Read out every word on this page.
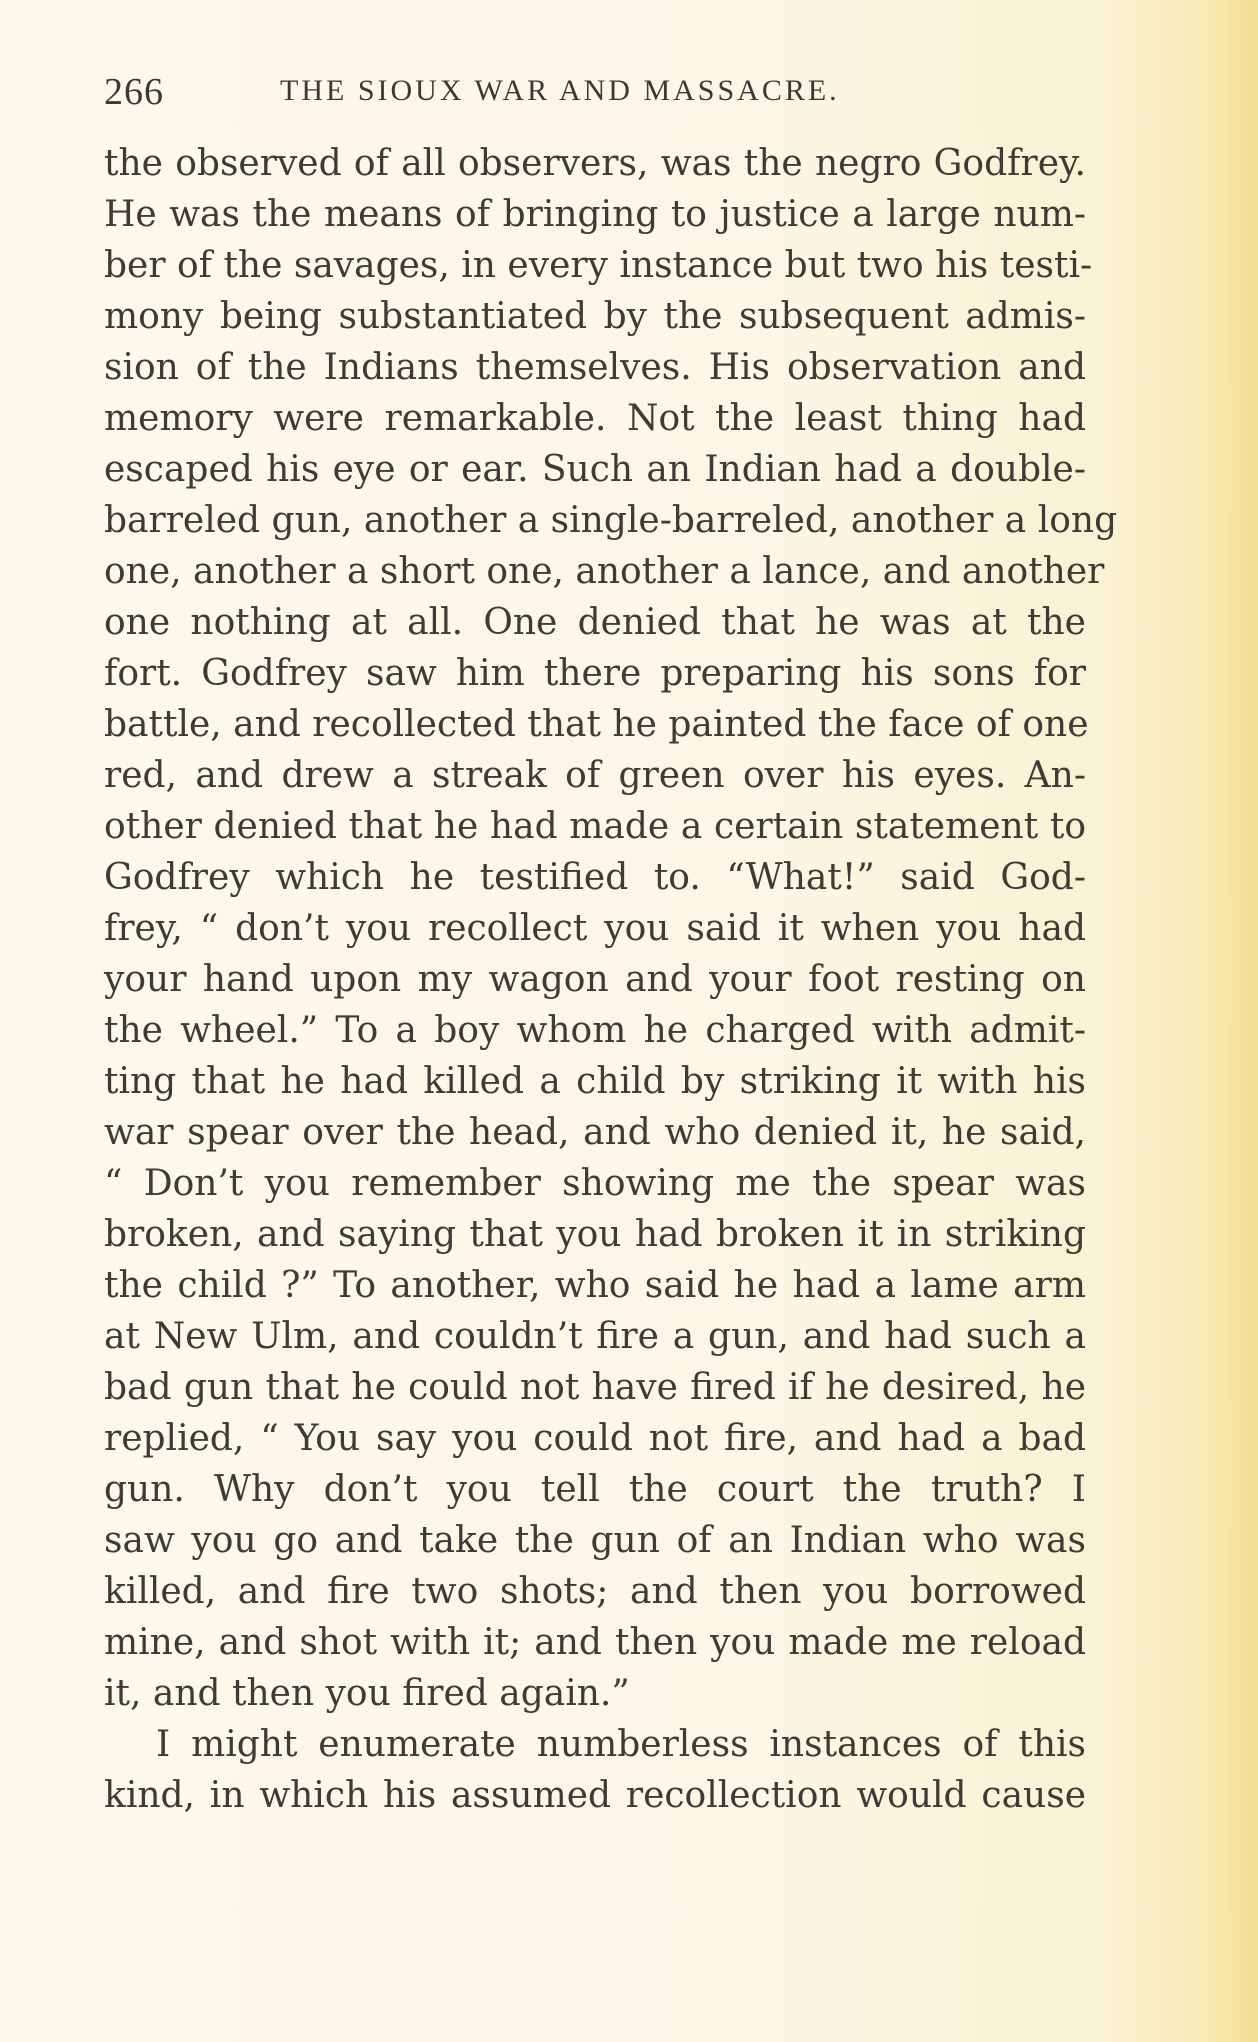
266	THE SIOUX WAR AND MASSACRE.
the observed of all observers, was the negro Godfrey.
He was the means of bringing to justice a large num-
ber of the savages, in every instance but two his testi-
mony being substantiated by the subsequent admis-
sion of the Indians themselves. His observation and
memory were remarkable. Not the least thing had
escaped his eye or ear. Such an Indian had a double-
barreled gun, another a single-barreled, another a long
one, another a short one, another a lance, and another
one nothing at all. One denied that he was at the
fort. Godfrey saw him there preparing his sons for
battle, and recollected that he painted the face of one
red, and drew a streak of green over his eyes. An-
other denied that he had made a certain statement to
Godfrey which he testified to. “What!” said God-
frey, “ don’t you recollect you said it when you had
your hand upon my wagon and your foot resting on
the wheel.” To a boy whom he charged with admit-
ting that he had killed a child by striking it with his
war spear over the head, and who denied it, he said,
“ Don’t you remember showing me the spear was
broken, and saying that you had broken it in striking
the child ?” To another, who said he had a lame arm
at New Ulm, and couldn’t fire a gun, and had such a
bad gun that he could not have fired if he desired, he
replied, “ You say you could not fire, and had a bad
gun. Why don’t you tell the court the truth? I
saw you go and take the gun of an Indian who was
killed, and fire two shots; and then you borrowed
mine, and shot with it; and then you made me reload
it, and then you fired again.”
I might enumerate numberless instances of this
kind, in which his assumed recollection would cause
